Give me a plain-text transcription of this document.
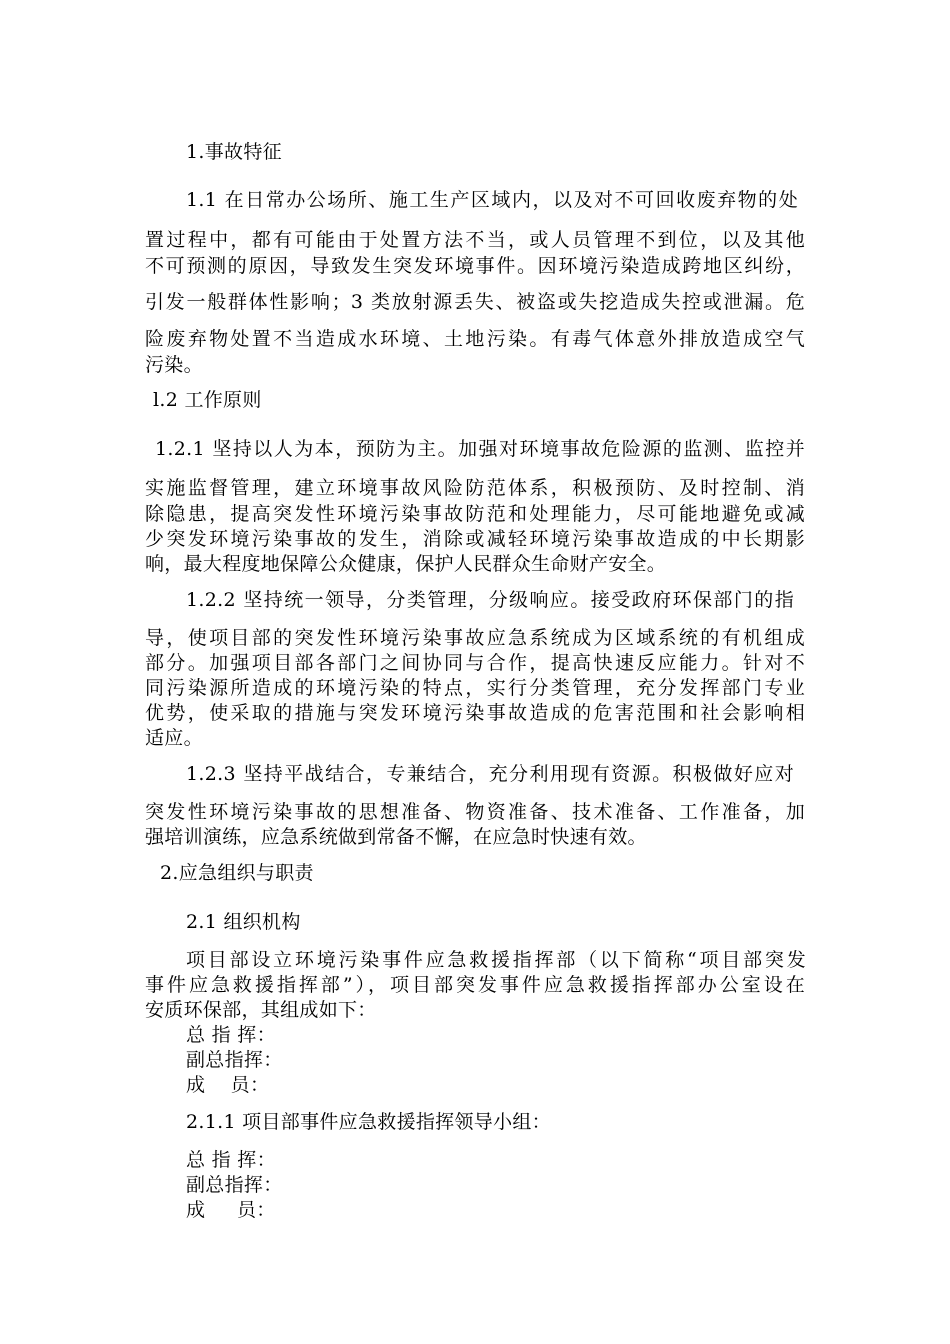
1.事故特征
1.1 在日常办公场所、施工生产区域内，以及对不可回收废弃物的处
置过程中，都有可能由于处置方法不当，或人员管理不到位，以及其他
不可预测的原因，导致发生突发环境事件。因环境污染造成跨地区纠纷，
引发一般群体性影响；3 类放射源丢失、被盗或失挖造成失控或泄漏。危
险废弃物处置不当造成水环境、土地污染。有毒气体意外排放造成空气
污染。
l.2 工作原则
1.2.1 坚持以人为本，预防为主。加强对环境事故危险源的监测、监控并
实施监督管理，建立环境事故风险防范体系，积极预防、及时控制、消
除隐患，提高突发性环境污染事故防范和处理能力，尽可能地避免或减
少突发环境污染事故的发生，消除或减轻环境污染事故造成的中长期影
响，最大程度地保障公众健康，保护人民群众生命财产安全。
1.2.2 坚持统一领导，分类管理，分级响应。接受政府环保部门的指
导，使项目部的突发性环境污染事故应急系统成为区域系统的有机组成
部分。加强项目部各部门之间协同与合作，提高快速反应能力。针对不
同污染源所造成的环境污染的特点，实行分类管理，充分发挥部门专业
优势，使采取的措施与突发环境污染事故造成的危害范围和社会影响相
适应。
1.2.3 坚持平战结合，专兼结合，充分利用现有资源。积极做好应对
突发性环境污染事故的思想准备、物资准备、技术准备、工作准备，加
强培训演练，应急系统做到常备不懈，在应急时快速有效。
2.应急组织与职责
2.1 组织机构
项目部设立环境污染事件应急救援指挥部（以下简称“项目部突发
事件应急救援指挥部”），项目部突发事件应急救援指挥部办公室设在
安质环保部，其组成如下：
总 指 挥：
副总指挥：
成    员：
2.1.1 项目部事件应急救援指挥领导小组：
总 指 挥：
副总指挥：
成     员：
